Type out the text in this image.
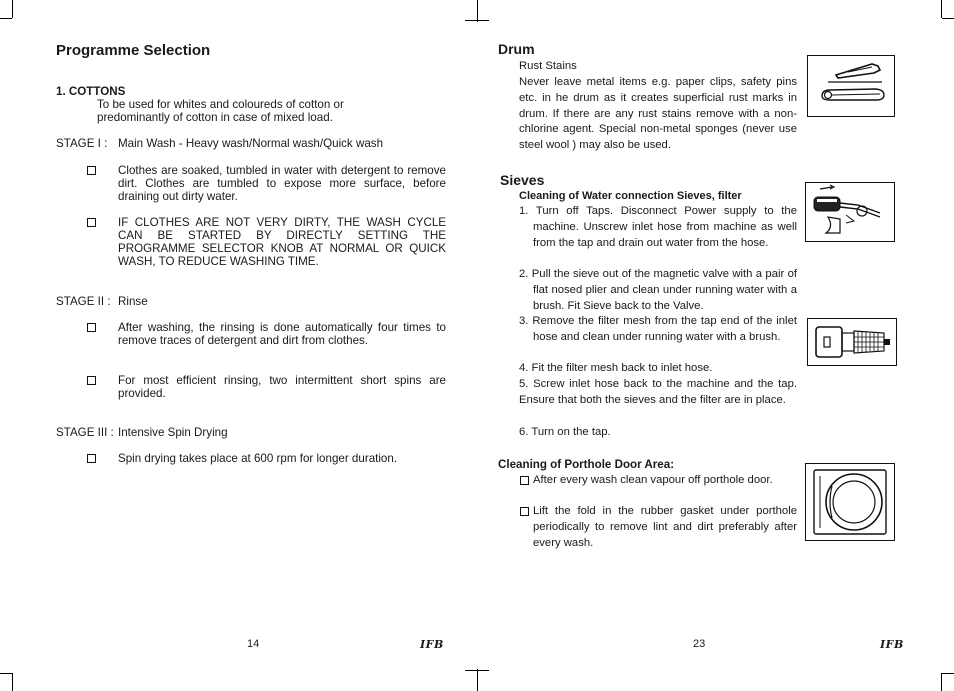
Programme Selection
1. COTTONS
To be used for whites and coloureds of cotton or
predominantly of cotton in case of mixed load.
STAGE I : Main Wash - Heavy wash/Normal wash/Quick wash
Clothes are soaked, tumbled in water with detergent to remove dirt. Clothes are tumbled to expose more surface, before draining out dirty water.
IF CLOTHES ARE NOT VERY DIRTY, THE WASH CYCLE CAN BE STARTED BY DIRECTLY SETTING THE PROGRAMME SELECTOR KNOB AT NORMAL OR QUICK WASH, TO REDUCE WASHING TIME.
STAGE II : Rinse
After washing, the rinsing is done automatically four times to remove traces of detergent and dirt from clothes.
For most efficient rinsing, two intermittent short spins are provided.
STAGE III : Intensive Spin Drying
Spin drying takes place at 600 rpm for longer duration.
14	IFB
Drum
Rust Stains
Never leave metal items e.g. paper clips, safety pins etc. in he drum as it creates superficial rust marks in drum. If there are any rust stains remove with a non-chlorine agent. Special non-metal sponges (never use steel wool ) may also be used.
Sieves
Cleaning of Water connection Sieves, filter
1. Turn off Taps. Disconnect Power supply to the machine. Unscrew inlet hose from machine as well from the tap and drain out water from the hose.
2. Pull the sieve out of the magnetic valve with a pair of flat nosed plier and clean under running water with a brush. Fit Sieve back to the Valve.
3. Remove the filter mesh from the tap end of the inlet hose and clean under running water with a brush.
4. Fit the filter mesh back to inlet hose.
5. Screw inlet hose back to the machine and the tap. Ensure that both the sieves and the filter are in place.
6. Turn on the tap.
Cleaning of Porthole Door Area:
After every wash clean vapour off porthole door.
Lift the fold in the rubber gasket under porthole periodically to remove lint and dirt preferably after every wash.
23	IFB
